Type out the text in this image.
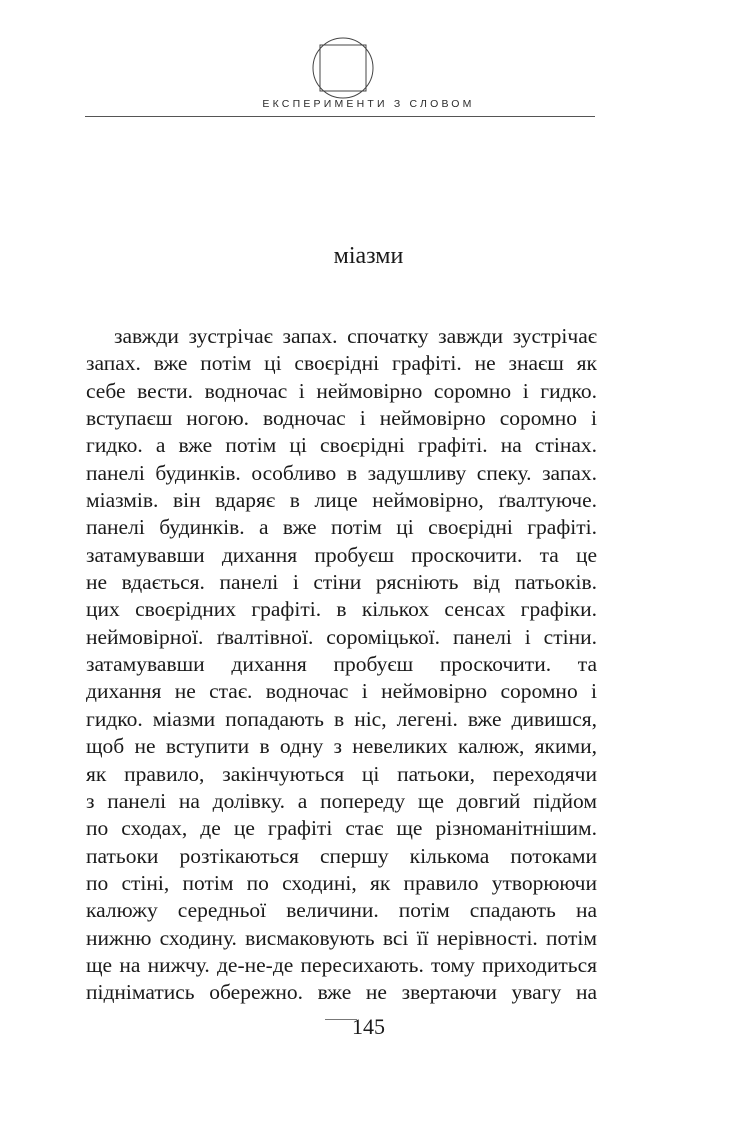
ЕКСПЕРИМЕНТИ З СЛОВОМ
міазми
завжди зустрічає запах. спочатку завжди зустрічає
запах. вже потім ці своєрідні графіті. не знаєш як
себе вести. водночас і неймовірно соромно і гидко.
вступаєш ногою. водночас і неймовірно соромно і
гидко. а вже потім ці своєрідні графіті. на стінах.
панелі будинків. особливо в задушливу спеку. запах.
міазмів. він вдаряє в лице неймовірно, ґвалтуюче.
панелі будинків. а вже потім ці своєрідні графіті.
затамувавши дихання пробуєш проскочити. та це
не вдається. панелі і стіни рясніють від патьоків.
цих своєрідних графіті. в кількох сенсах графіки.
неймовірної. ґвалтівної. сороміцької. панелі і стіни.
затамувавши дихання пробуєш проскочити. та
дихання не стає. водночас і неймовірно соромно і
гидко. міазми попадають в ніс, легені. вже дивишся,
щоб не вступити в одну з невеликих калюж, якими,
як правило, закінчуються ці патьоки, переходячи
з панелі на долівку. а попереду ще довгий підйом
по сходах, де це графіті стає ще різноманітнішим.
патьоки розтікаються спершу кількома потоками
по стіні, потім по сходині, як правило утворюючи
калюжу середньої величини. потім спадають на
нижню сходину. висмаковують всі її нерівності. потім
ще на нижчу. де-не-де пересихають. тому приходиться
підніматись обережно. вже не звертаючи увагу на
145
